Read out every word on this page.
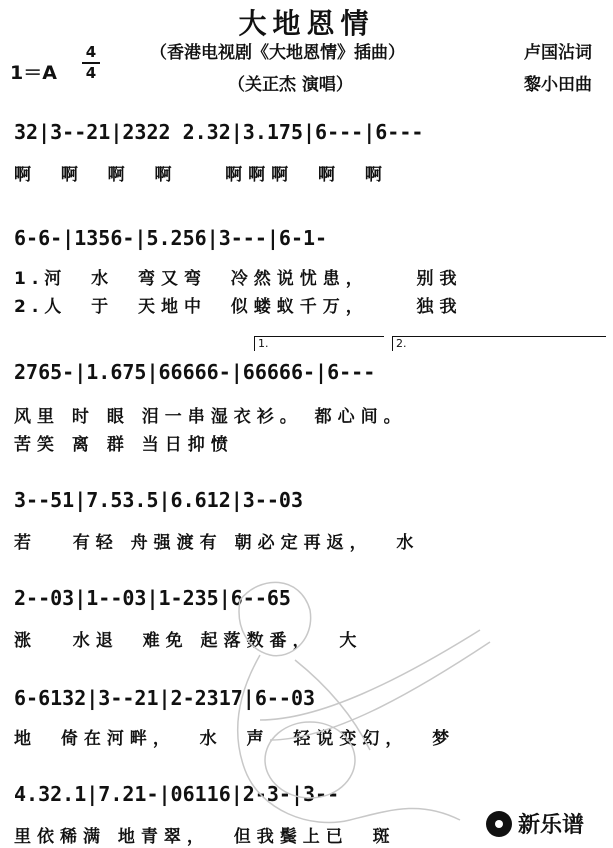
大地恩情
（香港电视剧《大地恩情》插曲）
（关正杰 演唱）
卢国沾词
黎小田曲
1＝A
4
4
32|3--21|2322 2.32|3.175|6---|6---
啊  啊  啊  啊    啊啊啊  啊  啊
6-6-|1356-|5.256|3---|6-1-
1.河  水  弯又弯  冷然说忧患，    别我
2.人  于  天地中  似蝼蚁千万，    独我
1.	2.
2765-|1.675|66666-|66666-|6---
风里 时 眼 泪一串湿衣衫。 都心间。
苦笑 离 群 当日抑愤
3--51|7.53.5|6.612|3--03
若   有轻 舟强渡有 朝必定再返，  水
2--03|1--03|1-235|6--65
涨   水退  难免 起落数番，  大
6-6132|3--21|2-2317|6--03
地  倚在河畔，  水  声  轻说变幻，  梦
4.32.1|7.21-|06116|2-3-|3--
里依稀满 地青翠，  但我鬓上已  斑	新乐谱
